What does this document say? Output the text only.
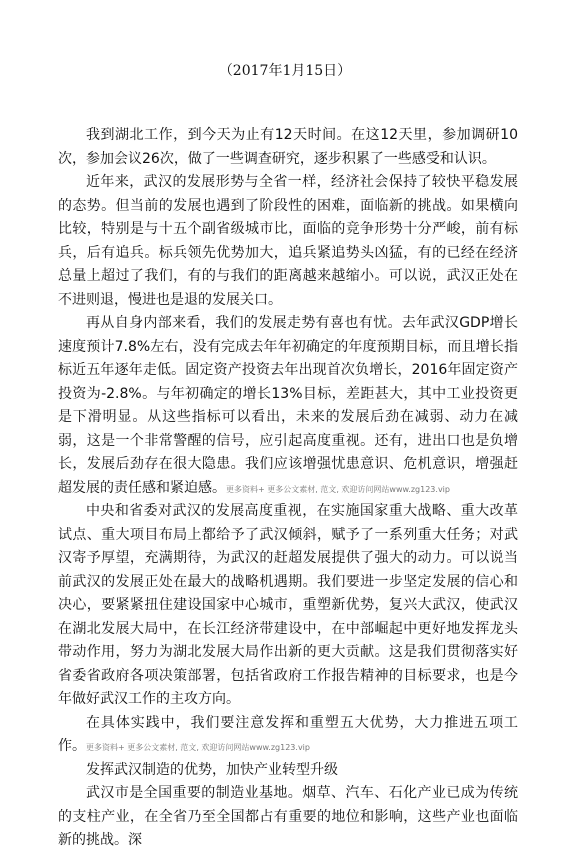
（2017年1月15日）

我到湖北工作，到今天为止有12天时间。在这12天里，参加调研10次，参加会议26次，做了一些调查研究，逐步积累了一些感受和认识。

近年来，武汉的发展形势与全省一样，经济社会保持了较快平稳发展的态势。但当前的发展也遇到了阶段性的困难，面临新的挑战。如果横向比较，特别是与十五个副省级城市比，面临的竞争形势十分严峻，前有标兵，后有追兵。标兵领先优势加大，追兵紧追势头凶猛，有的已经在经济总量上超过了我们，有的与我们的距离越来越缩小。可以说，武汉正处在不进则退，慢进也是退的发展关口。

再从自身内部来看，我们的发展走势有喜也有忧。去年武汉GDP增长速度预计7.8%左右，没有完成去年年初确定的年度预期目标，而且增长指标近五年逐年走低。固定资产投资去年出现首次负增长，2016年固定资产投资为-2.8%。与年初确定的增长13%目标，差距甚大，其中工业投资更是下滑明显。从这些指标可以看出，未来的发展后劲在减弱、动力在减弱，这是一个非常警醒的信号，应引起高度重视。还有，进出口也是负增长，发展后劲存在很大隐患。我们应该增强忧患意识、危机意识，增强赶超发展的责任感和紧迫感。更多资料+ 更多公文素材, 范文, 欢迎访问网站www.zg123.vip

中央和省委对武汉的发展高度重视，在实施国家重大战略、重大改革试点、重大项目布局上都给予了武汉倾斜，赋予了一系列重大任务；对武汉寄予厚望，充满期待，为武汉的赶超发展提供了强大的动力。可以说当前武汉的发展正处在最大的战略机遇期。我们要进一步坚定发展的信心和决心，要紧紧扭住建设国家中心城市，重塑新优势，复兴大武汉，使武汉在湖北发展大局中，在长江经济带建设中，在中部崛起中更好地发挥龙头带动作用，努力为湖北发展大局作出新的更大贡献。这是我们贯彻落实好省委省政府各项决策部署，包括省政府工作报告精神的目标要求，也是今年做好武汉工作的主攻方向。

在具体实践中，我们要注意发挥和重塑五大优势，大力推进五项工作。更多资料+ 更多公文素材, 范文, 欢迎访问网站www.zg123.vip

发挥武汉制造的优势，加快产业转型升级

武汉市是全国重要的制造业基地。烟草、汽车、石化产业已成为传统的支柱产业，在全省乃至全国都占有重要的地位和影响，这些产业也面临新的挑战。深
